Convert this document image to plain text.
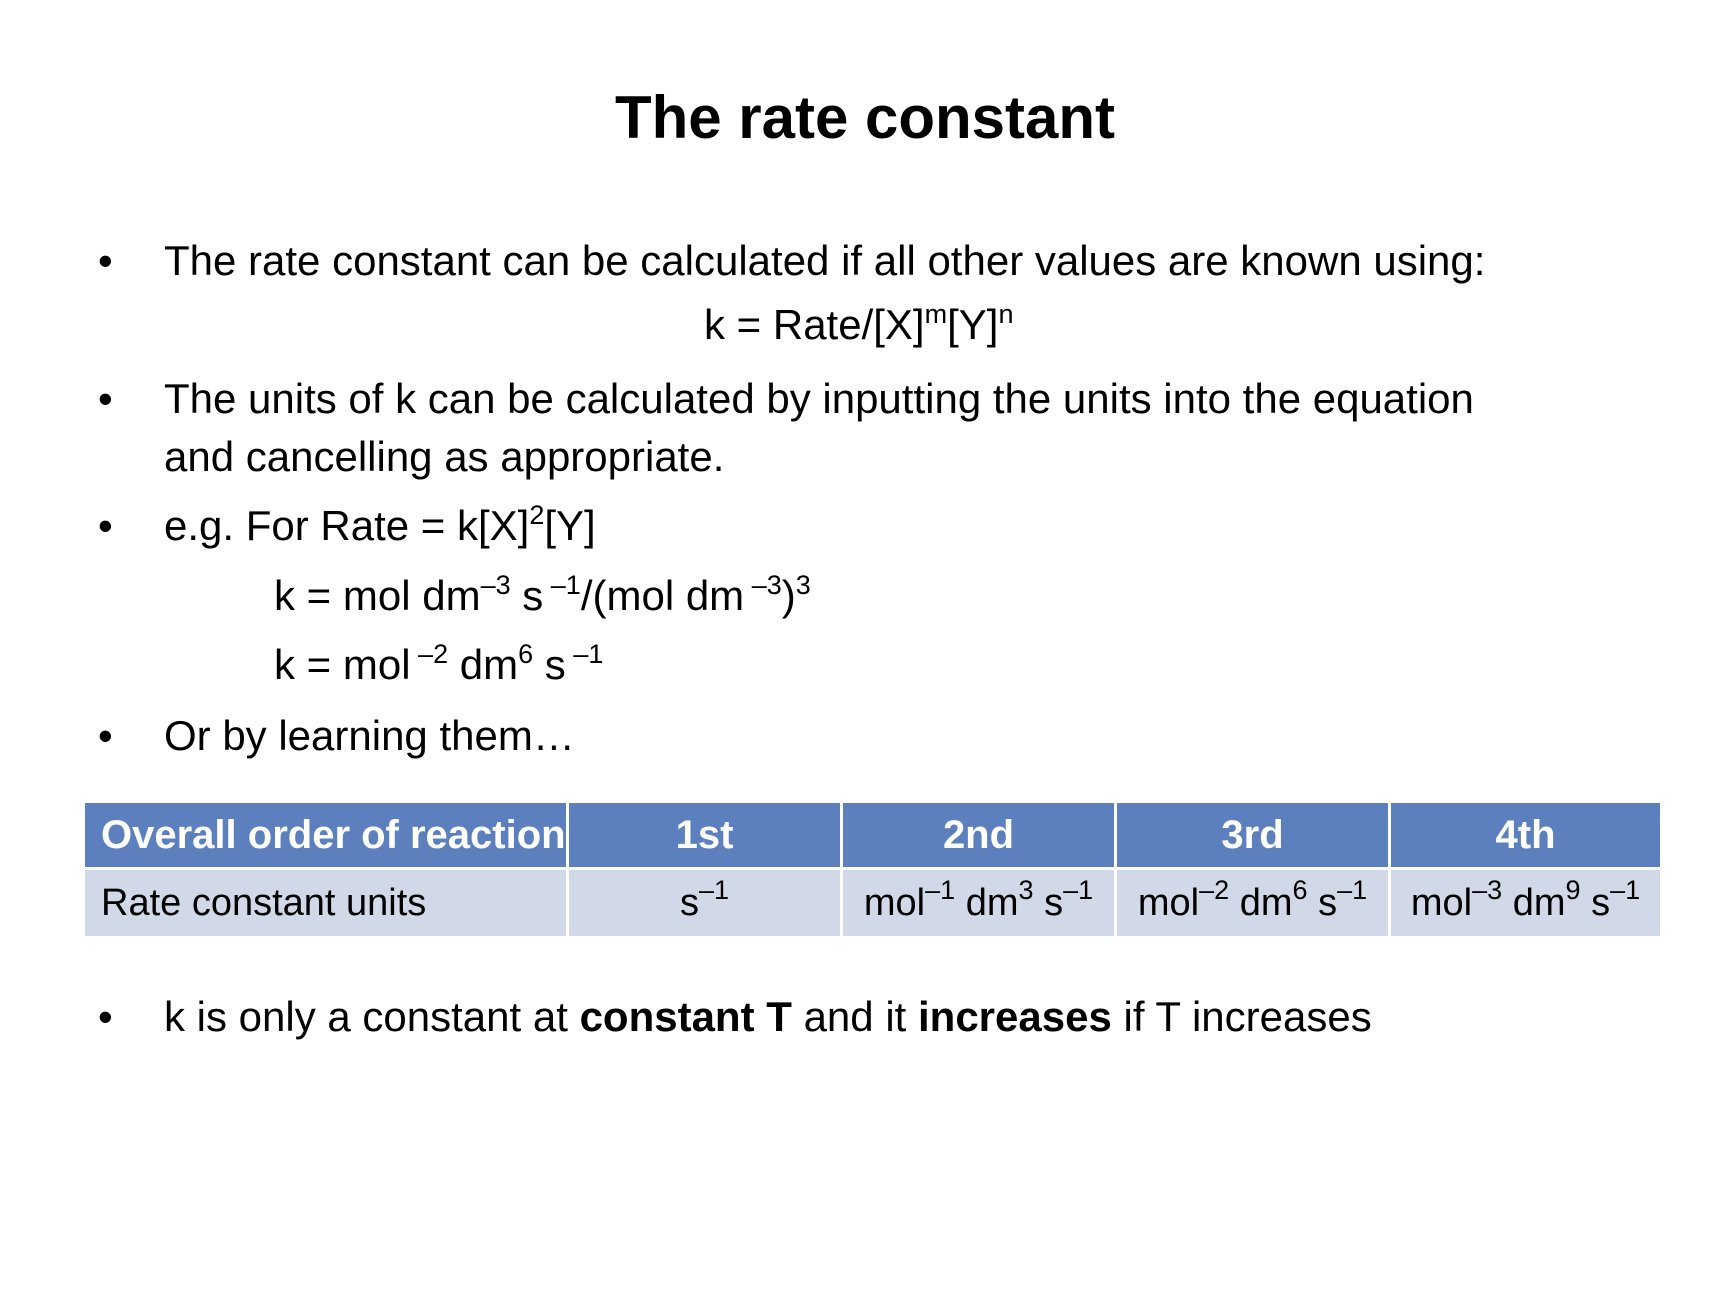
The rate constant
•	The rate constant can be calculated if all other values are known using:
k = Rate/$[X]^m[Y]^n$
•	The units of k can be calculated by inputting the units into the equation
and cancelling as appropriate.
•	e.g. For Rate = $k[X]^2[Y]$
k = mol $dm^{-3}$ s $^{-1}$/(mol dm $^{-3}$)$^3$
k = mol $^{-2}$ $dm^6$ s $^{-1}$
•	Or by learning them…
Overall order of reaction	1st	2nd	3rd	4th
Rate constant units	$s^{-1}$	mol$^{-1}$ $dm^3$ $s^{-1}$	mol$^{-2}$ $dm^6$ $s^{-1}$	mol$^{-3}$ $dm^9$ $s^{-1}$
•	k is only a constant at constant T and it increases if T increases
